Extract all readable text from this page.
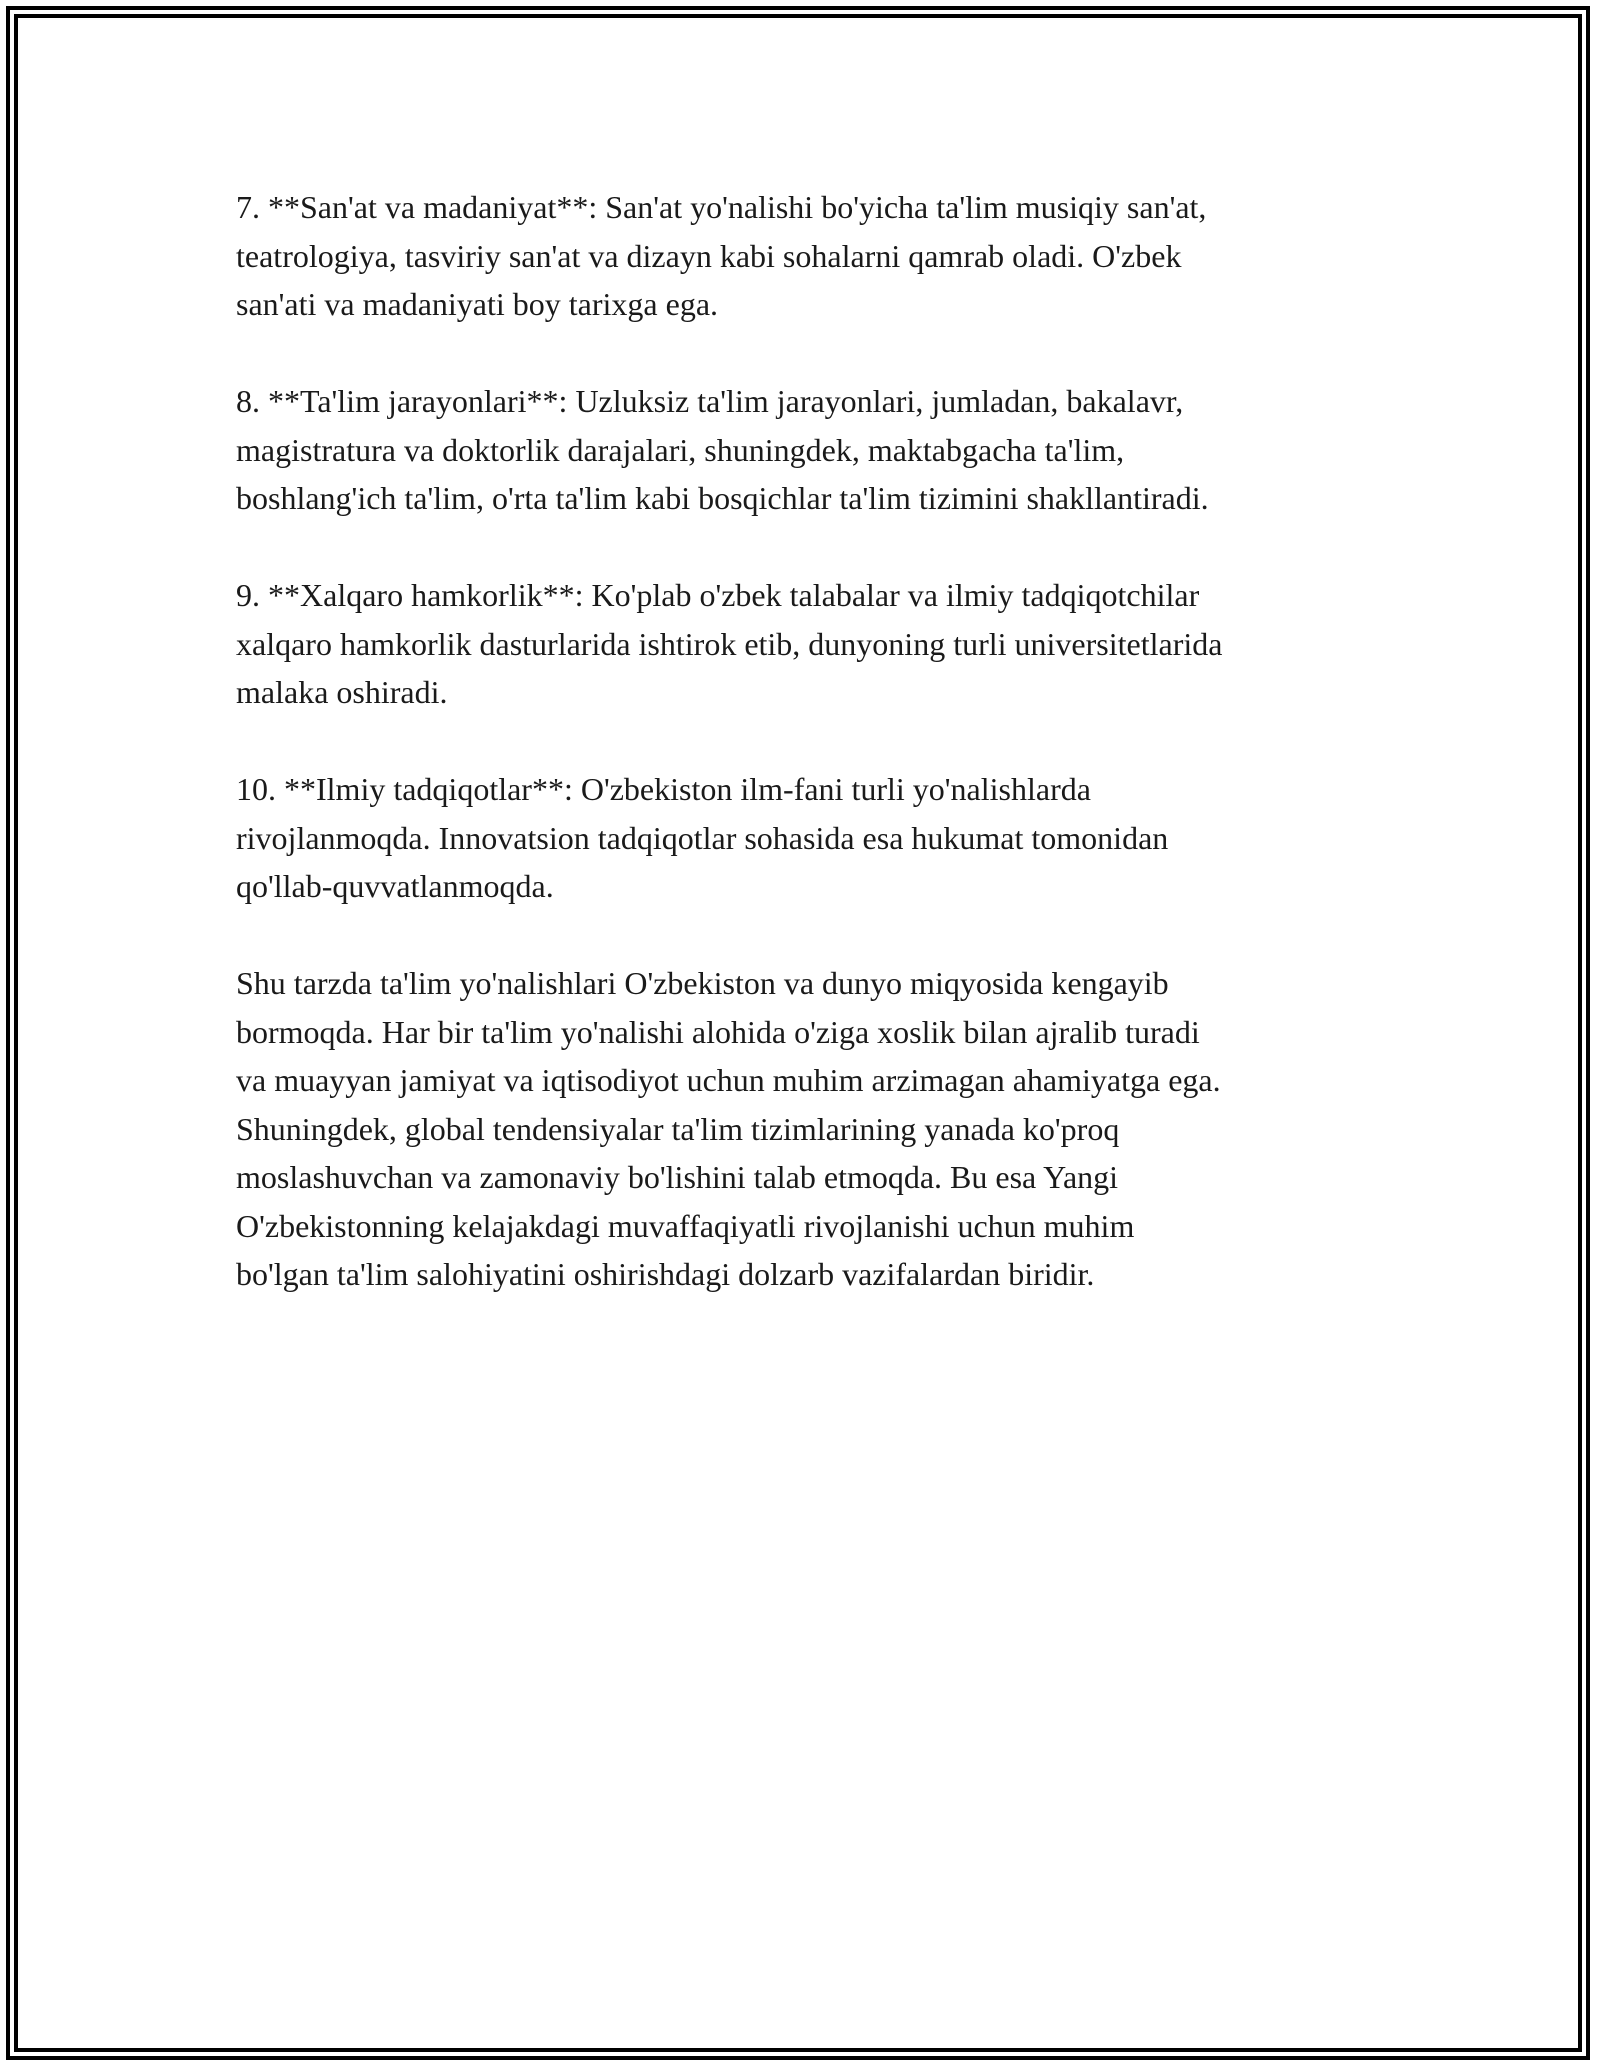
7. **San'at va madaniyat**: San'at yo'nalishi bo'yicha ta'lim musiqiy san'at,
teatrologiya, tasviriy san'at va dizayn kabi sohalarni qamrab oladi. O'zbek
san'ati va madaniyati boy tarixga ega.

8. **Ta'lim jarayonlari**: Uzluksiz ta'lim jarayonlari, jumladan, bakalavr,
magistratura va doktorlik darajalari, shuningdek, maktabgacha ta'lim,
boshlang'ich ta'lim, o'rta ta'lim kabi bosqichlar ta'lim tizimini shakllantiradi.

9. **Xalqaro hamkorlik**: Ko'plab o'zbek talabalar va ilmiy tadqiqotchilar
xalqaro hamkorlik dasturlarida ishtirok etib, dunyoning turli universitetlarida
malaka oshiradi.

10. **Ilmiy tadqiqotlar**: O'zbekiston ilm-fani turli yo'nalishlarda
rivojlanmoqda. Innovatsion tadqiqotlar sohasida esa hukumat tomonidan
qo'llab-quvvatlanmoqda.

Shu tarzda ta'lim yo'nalishlari O'zbekiston va dunyo miqyosida kengayib
bormoqda. Har bir ta'lim yo'nalishi alohida o'ziga xoslik bilan ajralib turadi
va muayyan jamiyat va iqtisodiyot uchun muhim arzimagan ahamiyatga ega.
Shuningdek, global tendensiyalar ta'lim tizimlarining yanada ko'proq
moslashuvchan va zamonaviy bo'lishini talab etmoqda. Bu esa Yangi
O'zbekistonning kelajakdagi muvaffaqiyatli rivojlanishi uchun muhim
bo'lgan ta'lim salohiyatini oshirishdagi dolzarb vazifalardan biridir.
